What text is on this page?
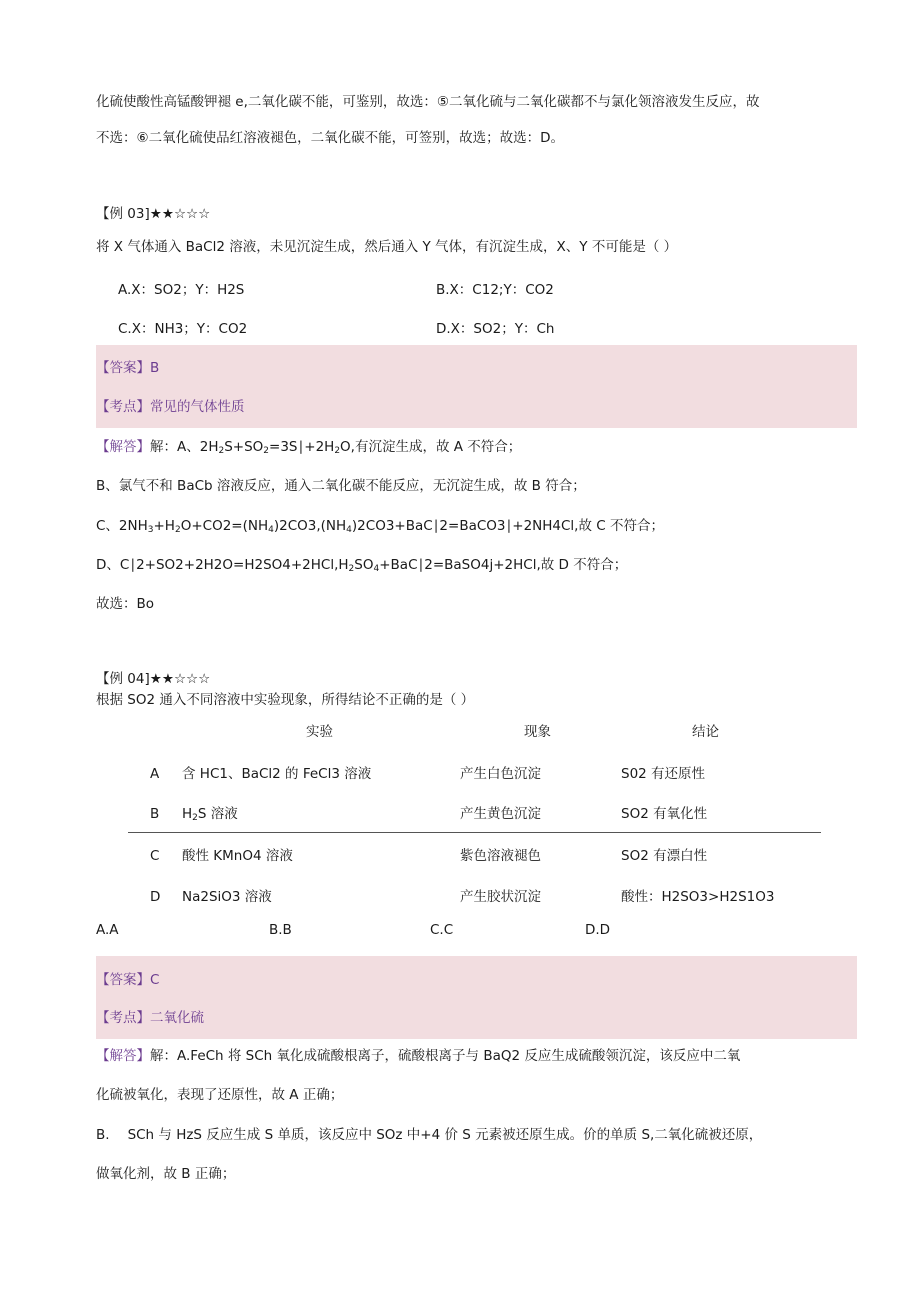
化硫使酸性高锰酸钾褪 e,二氧化碳不能，可鉴别，故选：⑤二氧化硫与二氧化碳都不与氯化领溶液发生反应，故
不选：⑥二氧化硫使品红溶液褪色，二氧化碳不能，可签别，故选；故选：D。
【例 03]★★☆☆☆
将 X 气体通入 BaCl2 溶液，未见沉淀生成，然后通入 Y 气体，有沉淀生成，X、Y 不可能是（ ）
A.X：SO2；Y：H2S	B.X：C12;Y：CO2
C.X：NH3；Y：CO2	D.X：SO2；Y：Ch
【答案】B
【考点】常见的气体性质
【解答】解：A、$2H_2S+SO_2=3S∣+2H_2O$,有沉淀生成，故 A 不符合；
B、氯气不和 BaCb 溶液反应，通入二氧化碳不能反应，无沉淀生成，故 B 符合；
C、$2NH_3+H_2O+CO2=(NH_4)2CO3,(NH_4)2CO3+BaC∣2=BaCO3∣+2NH4Cl$,故 C 不符合；
D、$C∣2+SO2+2H2O=H2SO4+2HCl,H_2SO_4+BaC∣2=BaSO4j+2HCl$,故 D 不符合；
故选：Bo
【例 04]★★☆☆☆
根据 SO2 通入不同溶液中实验现象，所得结论不正确的是（ ）
实验	现象	结论
A 含 HC1、BaCl2 的 FeCl3 溶液	产生白色沉淀	S02 有还原性
B $H_2S$ 溶液	产生黄色沉淀	SO2 有氧化性
C 酸性 KMnO4 溶液	紫色溶液褪色	SO2 有漂白性
D Na2SiO3 溶液	产生胶状沉淀	酸性：H2SO3>H2S1O3
A.A	B.B	C.C	D.D
【答案】C
【考点】二氧化硫
【解答】解：A.FeCh 将 SCh 氧化成硫酸根离子，硫酸根离子与 BaQ2 反应生成硫酸领沉淀，该反应中二氧
化硫被氧化，表现了还原性，故 A 正确；
B. SCh 与 HzS 反应生成 S 单质，该反应中 SOz 中+4 价 S 元素被还原生成。价的单质 S,二氧化硫被还原，
做氧化剂，故 B 正确；
